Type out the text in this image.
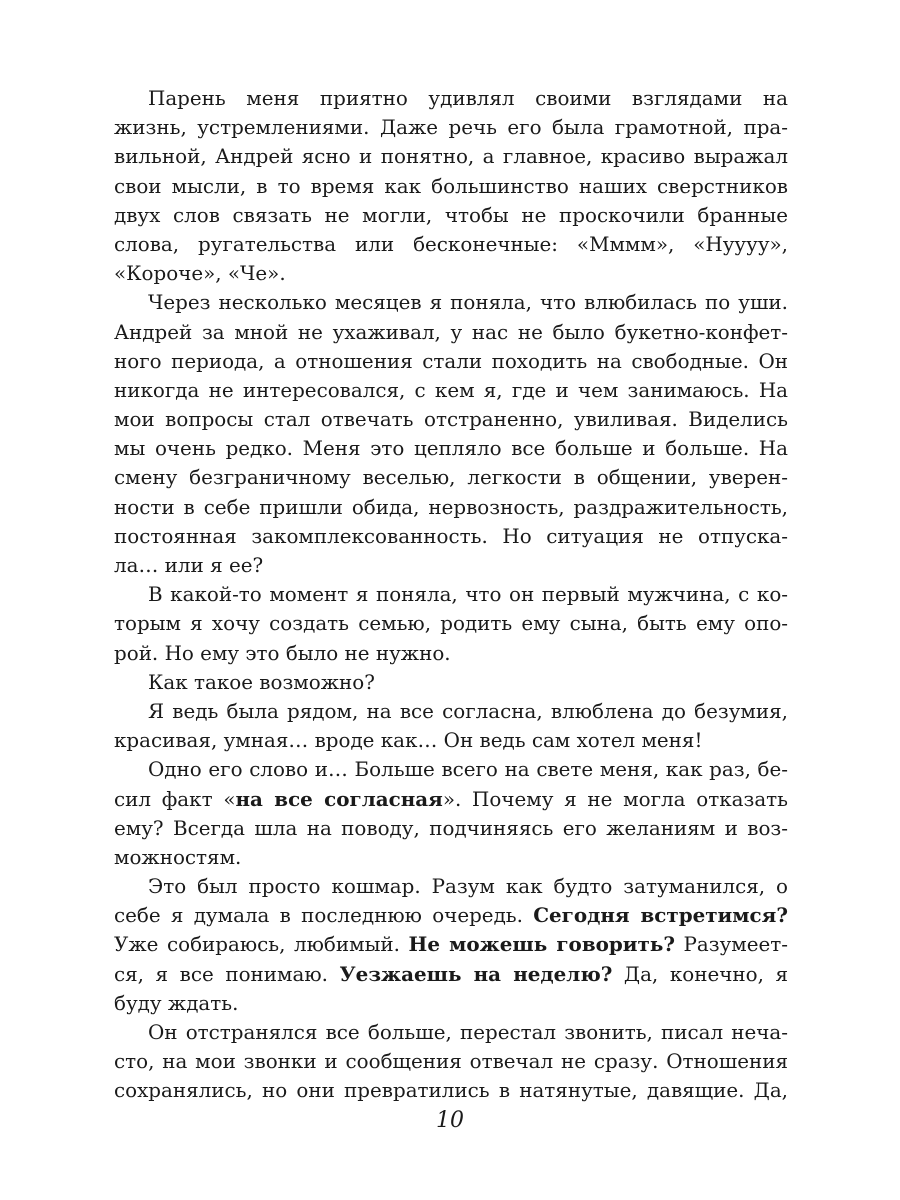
Парень меня приятно удивлял своими взглядами на
жизнь, устремлениями. Даже речь его была грамотной, пра-
вильной, Андрей ясно и понятно, а главное, красиво выражал
свои мысли, в то время как большинство наших сверстников
двух слов связать не могли, чтобы не проскочили бранные
слова, ругательства или бесконечные: «Мммм», «Нуууу»,
«Короче», «Че».
Через несколько месяцев я поняла, что влюбилась по уши.
Андрей за мной не ухаживал, у нас не было букетно-конфет-
ного периода, а отношения стали походить на свободные. Он
никогда не интересовался, с кем я, где и чем занимаюсь. На
мои вопросы стал отвечать отстраненно, увиливая. Виделись
мы очень редко. Меня это цепляло все больше и больше. На
смену безграничному веселью, легкости в общении, уверен-
ности в себе пришли обида, нервозность, раздражительность,
постоянная закомплексованность. Но ситуация не отпуска-
ла… или я ее?
В какой-то момент я поняла, что он первый мужчина, с ко-
торым я хочу создать семью, родить ему сына, быть ему опо-
рой. Но ему это было не нужно.
Как такое возможно?
Я ведь была рядом, на все согласна, влюблена до безумия,
красивая, умная… вроде как… Он ведь сам хотел меня!
Одно его слово и… Больше всего на свете меня, как раз, бе-
сил факт «на все согласная». Почему я не могла отказать
ему? Всегда шла на поводу, подчиняясь его желаниям и воз-
можностям.
Это был просто кошмар. Разум как будто затуманился, о
себе я думала в последнюю очередь. Сегодня встретимся?
Уже собираюсь, любимый. Не можешь говорить? Разумеет-
ся, я все понимаю. Уезжаешь на неделю? Да, конечно, я
буду ждать.
Он отстранялся все больше, перестал звонить, писал неча-
сто, на мои звонки и сообщения отвечал не сразу. Отношения
сохранялись, но они превратились в натянутые, давящие. Да,
10
